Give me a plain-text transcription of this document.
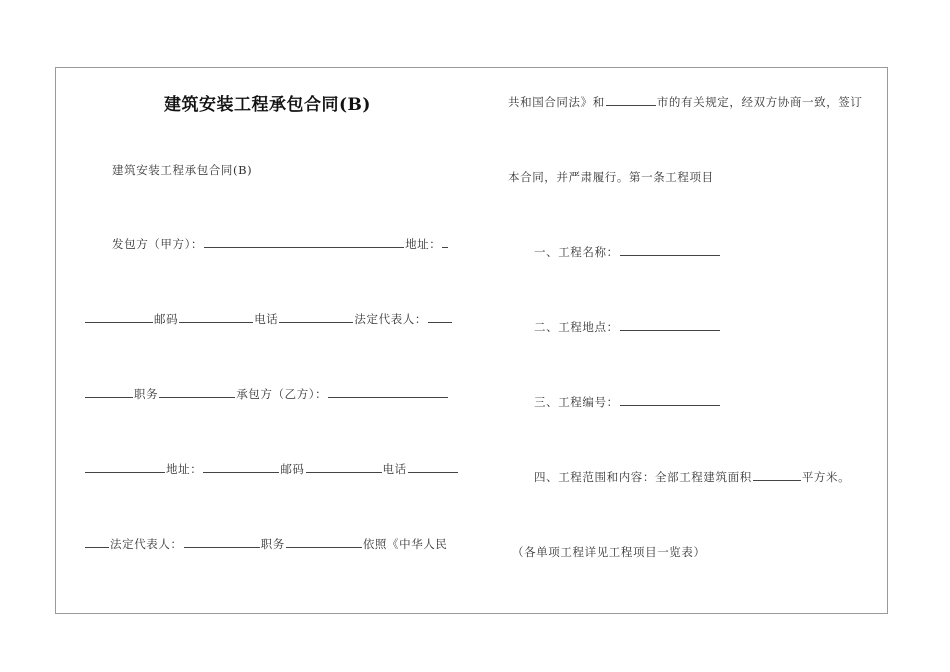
建筑安装工程承包合同(B)
建筑安装工程承包合同(B)
发包方（甲方）：	地址：
邮码	电话	法定代表人：
职务	承包方（乙方）：
地址：	邮码	电话
法定代表人：	职务	依照《中华人民
共和国合同法》和	市的有关规定，经双方协商一致，签订
本合同，并严肃履行。第一条工程项目
一、工程名称：
二、工程地点：
三、工程编号：
四、工程范围和内容：全部工程建筑面积	平方米。
（各单项工程详见工程项目一览表）
